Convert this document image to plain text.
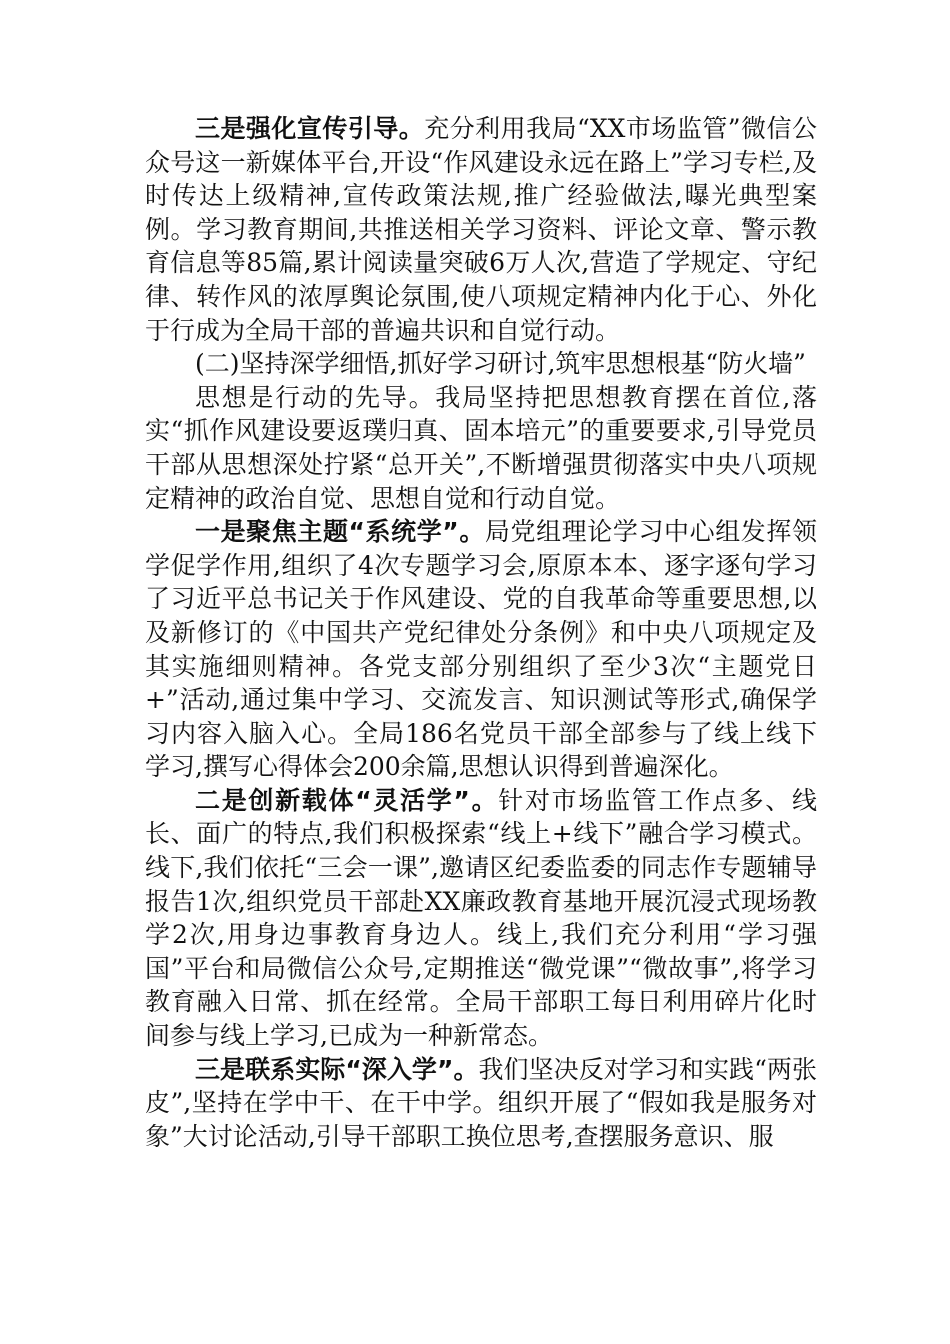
三是强化宣传引导。充分利用我局“XX市场监管”微信公众号这一新媒体平台,开设“作风建设永远在路上”学习专栏,及时传达上级精神,宣传政策法规,推广经验做法,曝光典型案例。学习教育期间,共推送相关学习资料、评论文章、警示教育信息等85篇,累计阅读量突破6万人次,营造了学规定、守纪律、转作风的浓厚舆论氛围,使八项规定精神内化于心、外化于行成为全局干部的普遍共识和自觉行动。

(二)坚持深学细悟,抓好学习研讨,筑牢思想根基“防火墙”

思想是行动的先导。我局坚持把思想教育摆在首位,落实“抓作风建设要返璞归真、固本培元”的重要要求,引导党员干部从思想深处拧紧“总开关”,不断增强贯彻落实中央八项规定精神的政治自觉、思想自觉和行动自觉。

一是聚焦主题“系统学”。局党组理论学习中心组发挥领学促学作用,组织了4次专题学习会,原原本本、逐字逐句学习了习近平总书记关于作风建设、党的自我革命等重要思想,以及新修订的《中国共产党纪律处分条例》和中央八项规定及其实施细则精神。各党支部分别组织了至少3次“主题党日+”活动,通过集中学习、交流发言、知识测试等形式,确保学习内容入脑入心。全局186名党员干部全部参与了线上线下学习,撰写心得体会200余篇,思想认识得到普遍深化。

二是创新载体“灵活学”。针对市场监管工作点多、线长、面广的特点,我们积极探索“线上+线下”融合学习模式。线下,我们依托“三会一课”,邀请区纪委监委的同志作专题辅导报告1次,组织党员干部赴XX廉政教育基地开展沉浸式现场教学2次,用身边事教育身边人。线上,我们充分利用“学习强国”平台和局微信公众号,定期推送“微党课”“微故事”,将学习教育融入日常、抓在经常。全局干部职工每日利用碎片化时间参与线上学习,已成为一种新常态。

三是联系实际“深入学”。我们坚决反对学习和实践“两张皮”,坚持在学中干、在干中学。组织开展了“假如我是服务对象”大讨论活动,引导干部职工换位思考,查摆服务意识、服
